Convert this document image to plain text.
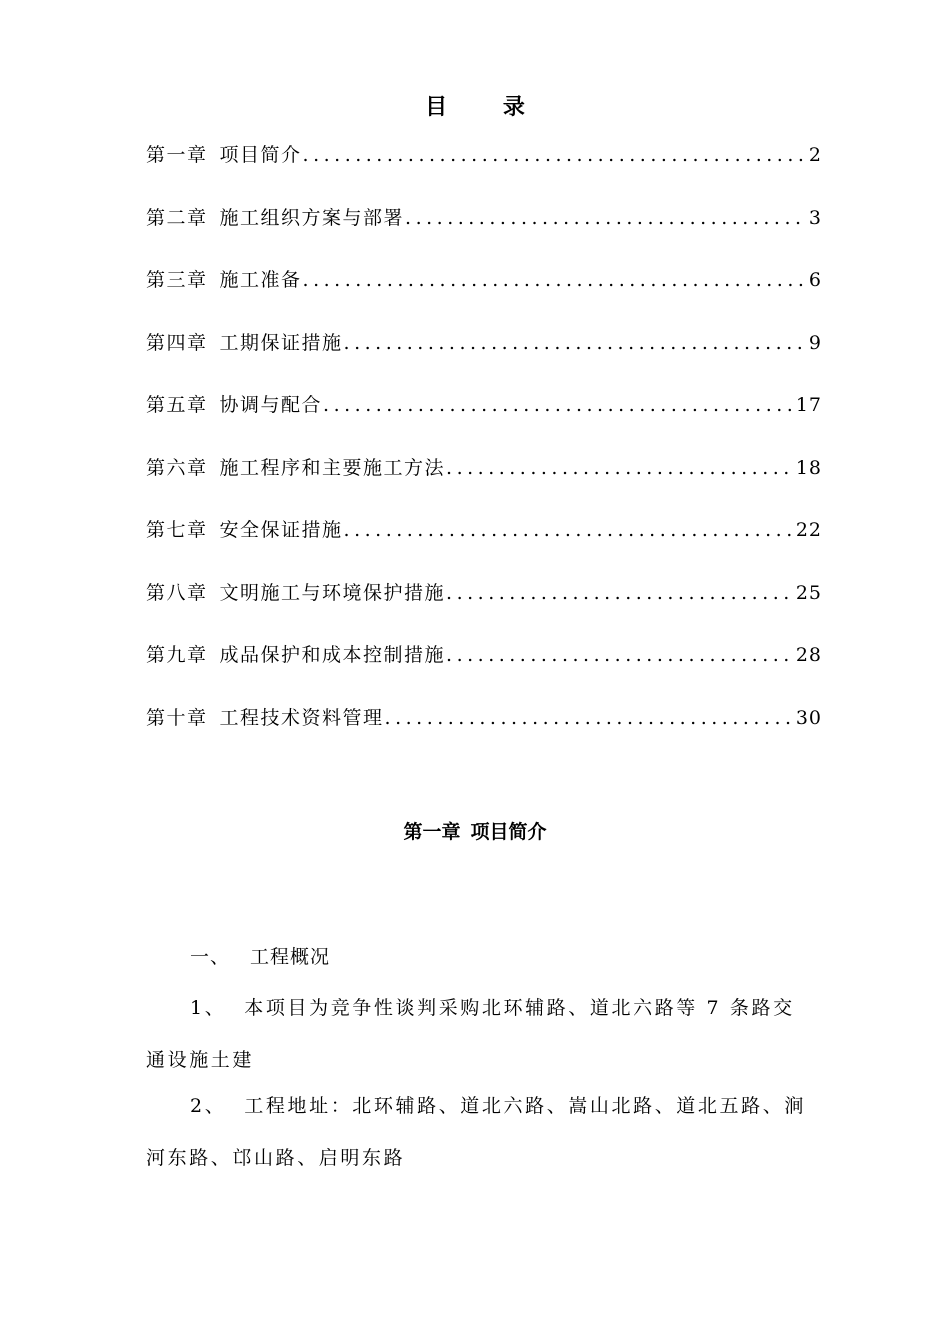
目 录
第一章 项目简介 .....	2
第二章 施工组织方案与部署 .....	3
第三章 施工准备 .....	6
第四章 工期保证措施 .....	9
第五章 协调与配合 .....	17
第六章 施工程序和主要施工方法 .....	18
第七章 安全保证措施 .....	22
第八章 文明施工与环境保护措施 .....	25
第九章 成品保护和成本控制措施 .....	28
第十章 工程技术资料管理 .....	30
第一章 项目简介
一、 工程概况
1、 本项目为竞争性谈判采购北环辅路、道北六路等 7 条路交通设施土建
2、 工程地址：北环辅路、道北六路、嵩山北路、道北五路、涧河东路、邙山路、启明东路
